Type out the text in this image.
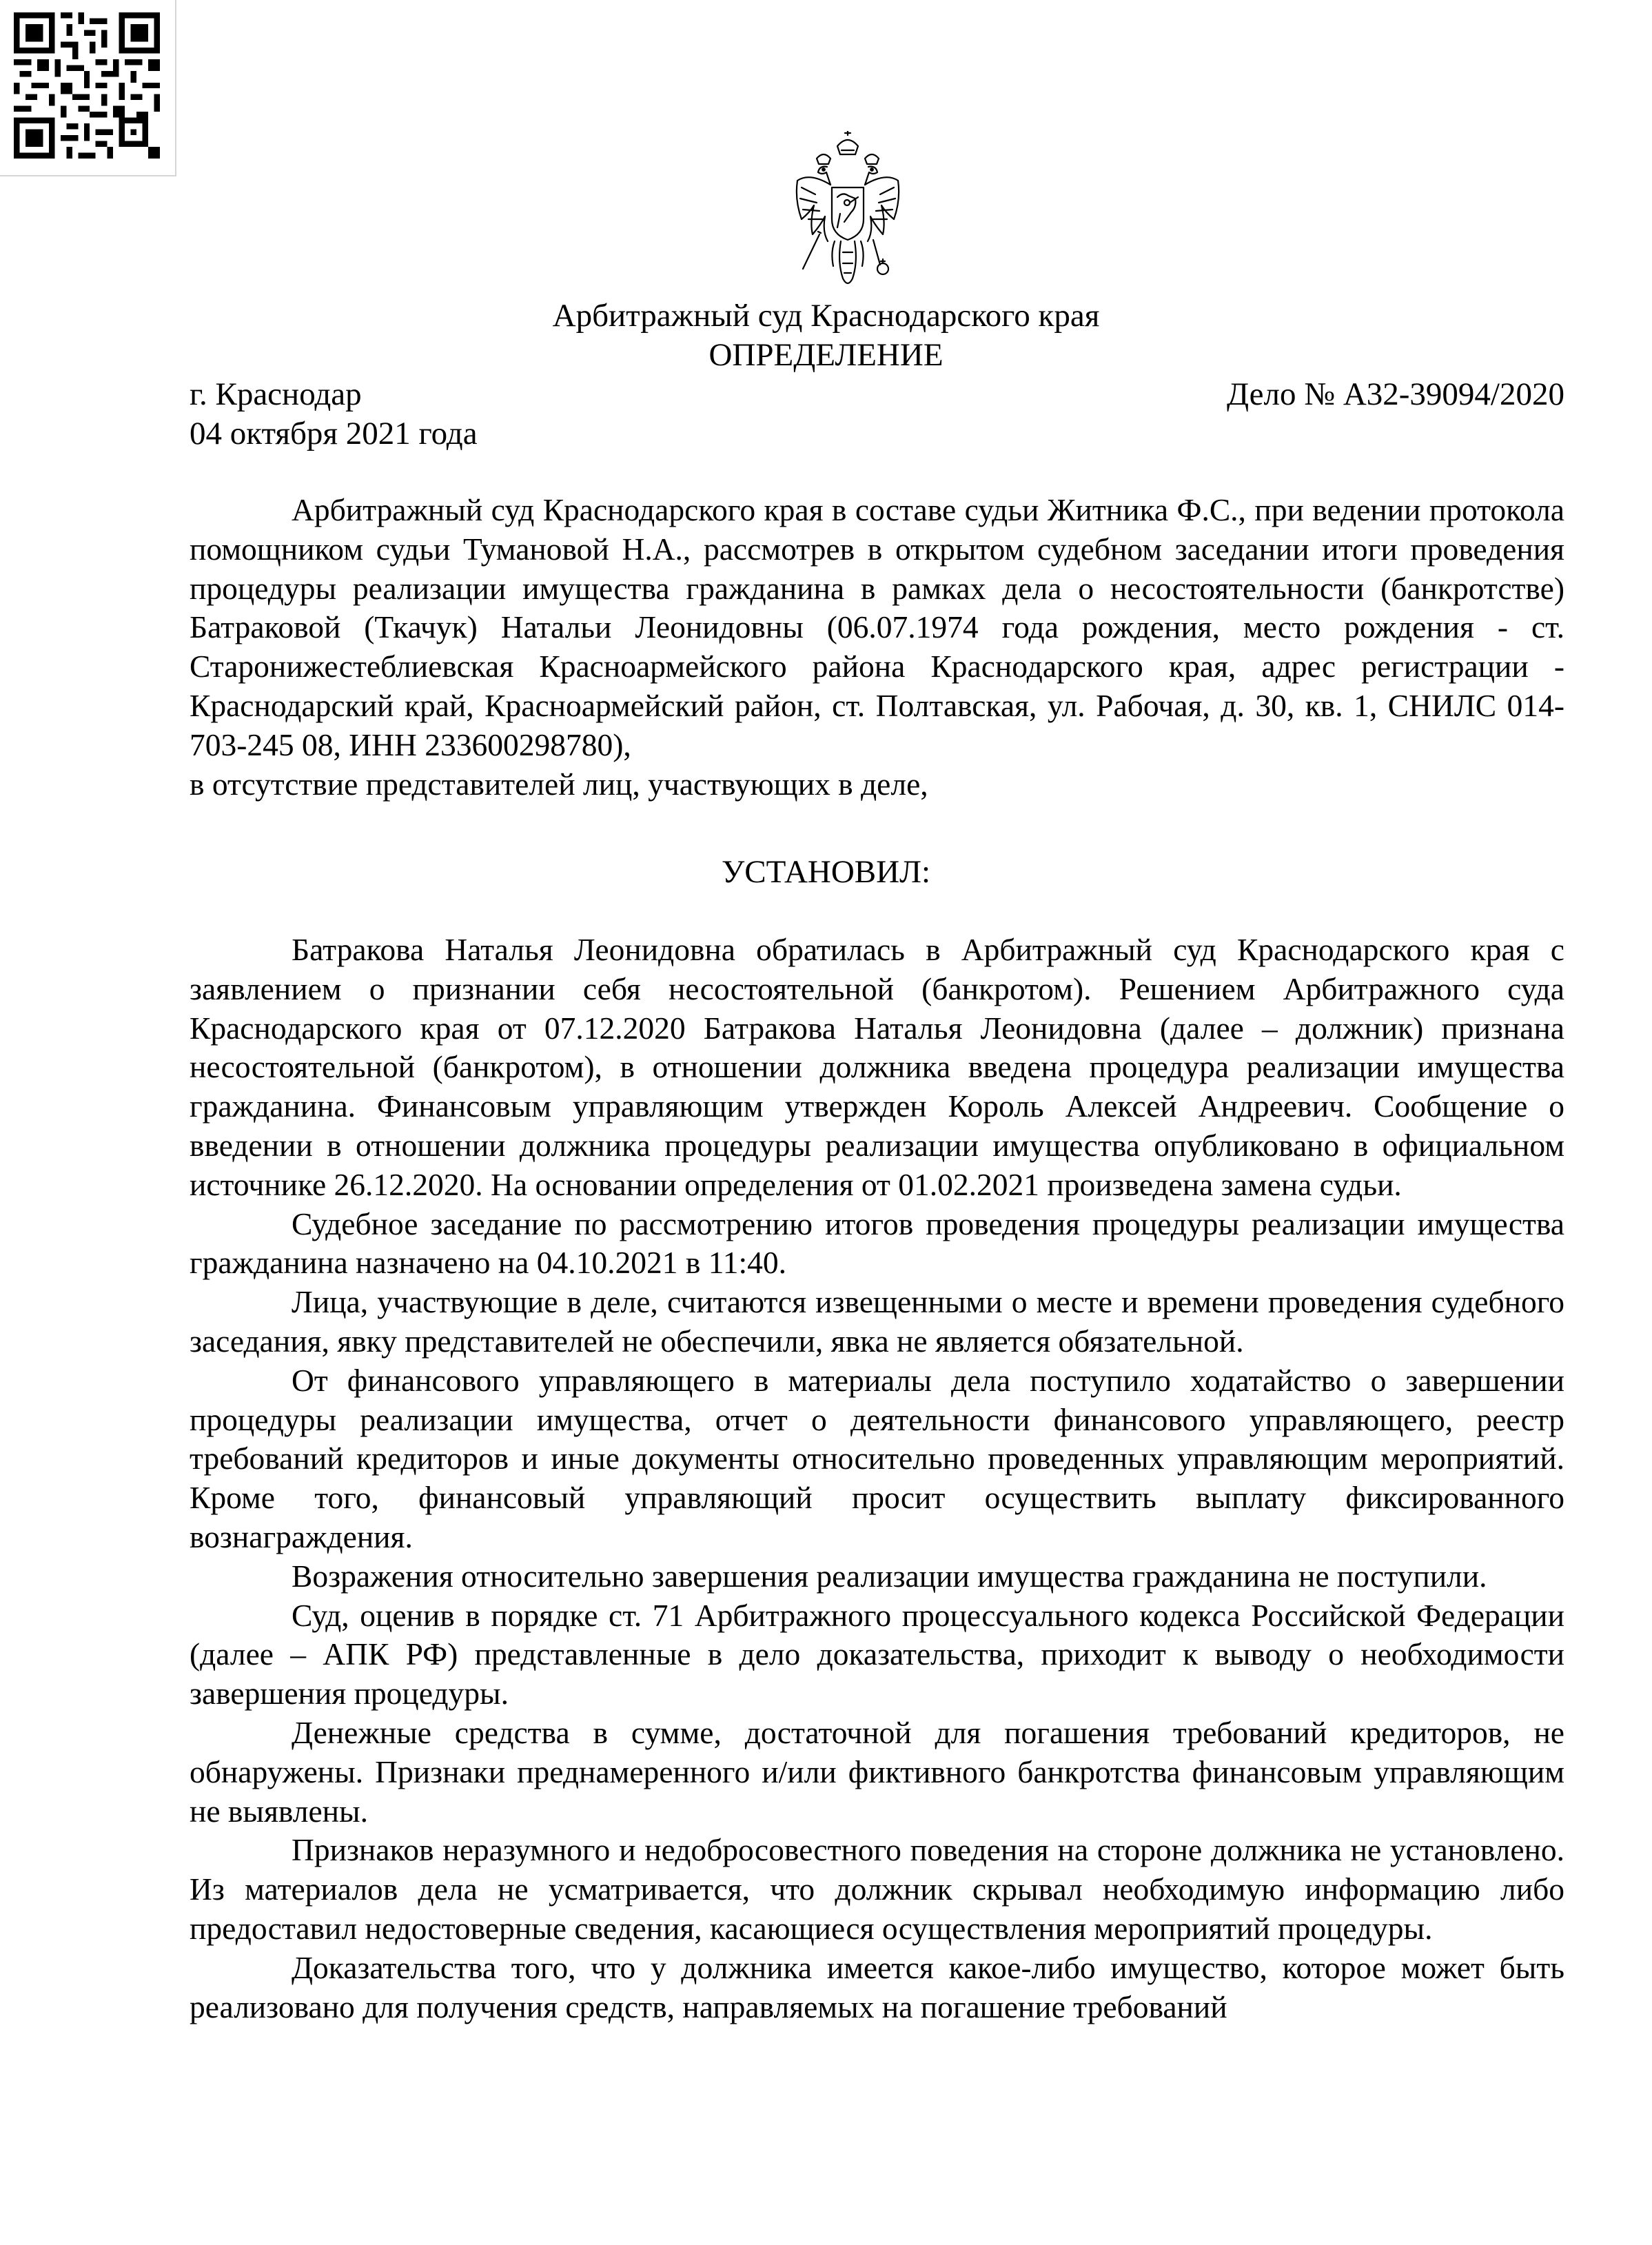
Арбитражный суд Краснодарского края
ОПРЕДЕЛЕНИЕ
г. Краснодар
04 октября 2021 года
Дело № А32-39094/2020

Арбитражный суд Краснодарского края в составе судьи Житника Ф.С., при ведении протокола помощником судьи Тумановой Н.А., рассмотрев в открытом судебном заседании итоги проведения процедуры реализации имущества гражданина в рамках дела о несостоятельности (банкротстве) Батраковой (Ткачук) Натальи Леонидовны (06.07.1974 года рождения, место рождения - ст. Старонижестеблиевская Красноармейского района Краснодарского края, адрес регистрации - Краснодарский край, Красноармейский район, ст. Полтавская, ул. Рабочая, д. 30, кв. 1, СНИЛС 014-703-245 08, ИНН 233600298780),

в отсутствие представителей лиц, участвующих в деле,

УСТАНОВИЛ:

Батракова Наталья Леонидовна обратилась в Арбитражный суд Краснодарского края с заявлением о признании себя несостоятельной (банкротом). Решением Арбитражного суда Краснодарского края от 07.12.2020 Батракова Наталья Леонидовна (далее – должник) признана несостоятельной (банкротом), в отношении должника введена процедура реализации имущества гражданина. Финансовым управляющим утвержден Король Алексей Андреевич. Сообщение о введении в отношении должника процедуры реализации имущества опубликовано в официальном источнике 26.12.2020. На основании определения от 01.02.2021 произведена замена судьи.

Судебное заседание по рассмотрению итогов проведения процедуры реализации имущества гражданина назначено на 04.10.2021 в 11:40.

Лица, участвующие в деле, считаются извещенными о месте и времени проведения судебного заседания, явку представителей не обеспечили, явка не является обязательной.

От финансового управляющего в материалы дела поступило ходатайство о завершении процедуры реализации имущества, отчет о деятельности финансового управляющего, реестр требований кредиторов и иные документы относительно проведенных управляющим мероприятий. Кроме того, финансовый управляющий просит осуществить выплату фиксированного вознаграждения.

Возражения относительно завершения реализации имущества гражданина не поступили.

Суд, оценив в порядке ст. 71 Арбитражного процессуального кодекса Российской Федерации (далее – АПК РФ) представленные в дело доказательства, приходит к выводу о необходимости завершения процедуры.

Денежные средства в сумме, достаточной для погашения требований кредиторов, не обнаружены. Признаки преднамеренного и/или фиктивного банкротства финансовым управляющим не выявлены.

Признаков неразумного и недобросовестного поведения на стороне должника не установлено. Из материалов дела не усматривается, что должник скрывал необходимую информацию либо предоставил недостоверные сведения, касающиеся осуществления мероприятий процедуры.

Доказательства того, что у должника имеется какое-либо имущество, которое может быть реализовано для получения средств, направляемых на погашение требований
